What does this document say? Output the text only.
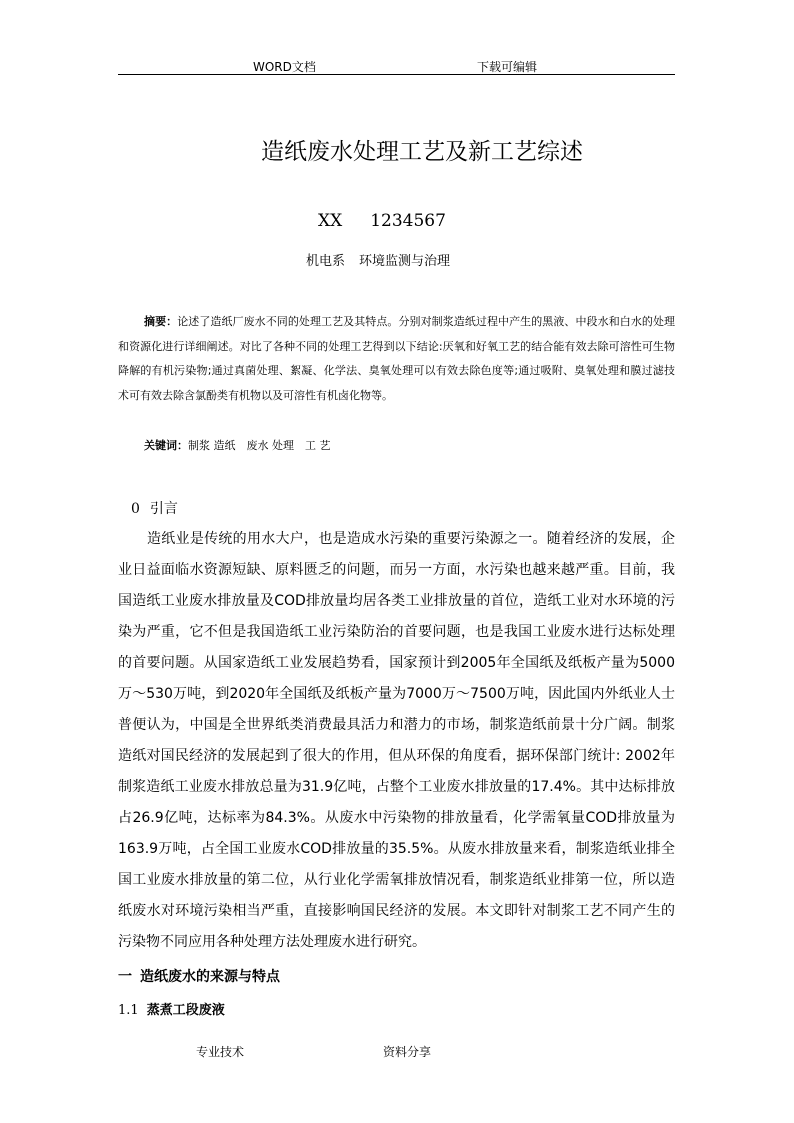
WORD文档	下载可编辑
造纸废水处理工艺及新工艺综述
XX 1234567
机电系 环境监测与治理

摘要：论述了造纸厂废水不同的处理工艺及其特点。分别对制浆造纸过程中产生的黑液、中段水和白水的处理和资源化进行详细阐述。对比了各种不同的处理工艺得到以下结论:厌氧和好氧工艺的结合能有效去除可溶性可生物降解的有机污染物;通过真菌处理、絮凝、化学法、臭氧处理可以有效去除色度等;通过吸附、臭氧处理和膜过滤技术可有效去除含氯酚类有机物以及可溶性有机卤化物等。

关键词：制浆 造纸　废水 处理　工 艺
0 引言

造纸业是传统的用水大户，也是造成水污染的重要污染源之一。随着经济的发展，企业日益面临水资源短缺、原料匮乏的问题，而另一方面，水污染也越来越严重。目前，我国造纸工业废水排放量及COD排放量均居各类工业排放量的首位，造纸工业对水环境的污染为严重，它不但是我国造纸工业污染防治的首要问题，也是我国工业废水进行达标处理的首要问题。从国家造纸工业发展趋势看，国家预计到2005年全国纸及纸板产量为5000万～530万吨，到2020年全国纸及纸板产量为7000万～7500万吨，因此国内外纸业人士普便认为，中国是全世界纸类消费最具活力和潜力的市场，制浆造纸前景十分广阔。制浆造纸对国民经济的发展起到了很大的作用，但从环保的角度看，据环保部门统计: 2002年制浆造纸工业废水排放总量为31.9亿吨，占整个工业废水排放量的17.4%。其中达标排放占26.9亿吨，达标率为84.3%。从废水中污染物的排放量看，化学需氧量COD排放量为163.9万吨，占全国工业废水COD排放量的35.5%。从废水排放量来看，制浆造纸业排全国工业废水排放量的第二位，从行业化学需氧排放情况看，制浆造纸业排第一位，所以造纸废水对环境污染相当严重，直接影响国民经济的发展。本文即针对制浆工艺不同产生的污染物不同应用各种处理方法处理废水进行研究。

一 造纸废水的来源与特点
1.1 蒸煮工段废液
专业技术	资料分享
